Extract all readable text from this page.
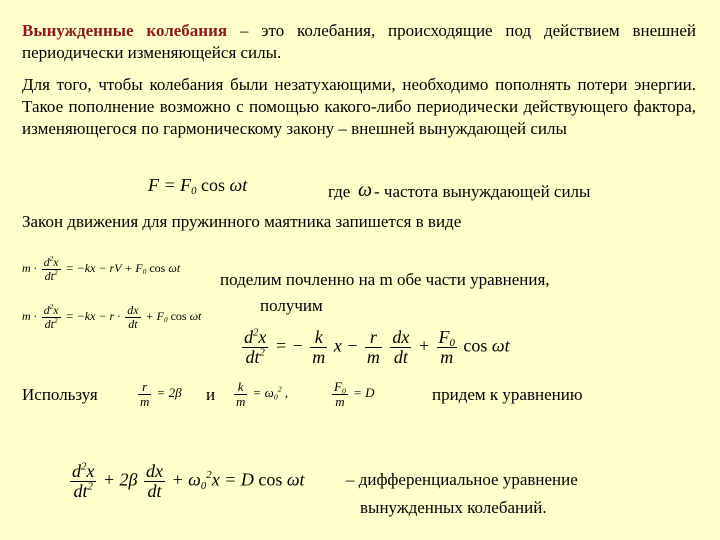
Вынужденные колебания – это колебания, происходящие под действием внешней периодически изменяющейся силы.
Для того, чтобы колебания были незатухающими, необходимо пополнять потери энергии. Такое пополнение возможно с помощью какого-либо периодически действующего фактора, изменяющегося по гармоническому закону – внешней вынуждающей силы
$F = F_0$ cos ωt	где ω - частота вынуждающей силы
Закон движения для пружинного маятника запишется в виде
$m \cdot \frac{d^2x}{dt^2} = -kx$ − rV + $F_0$ cos ωt
поделим почленно на m обе части уравнения,
получим
$m \cdot \frac{d^2x}{dt^2} = -kx - r \cdot \frac{dx}{dt} + F_0$ cos ωt
$\frac{d^2x}{dt^2}$ = − $\frac{k}{m}$ $x - \frac{r}{m}$
$\frac{dx}{dt} + \frac{F_0}{m}$ cos ωt
Используя	$\frac{r}{m} = 2\beta$ и $\frac{k}{m} = \omega_0^2$ ,	$\frac{F_0}{m} = D$	придем к уравнению
$\frac{d^2x}{dt^2} + 2\beta \frac{dx}{dt} + \omega_0^2x = D$ cos ωt – дифференциальное уравнение
вынужденных колебаний.
